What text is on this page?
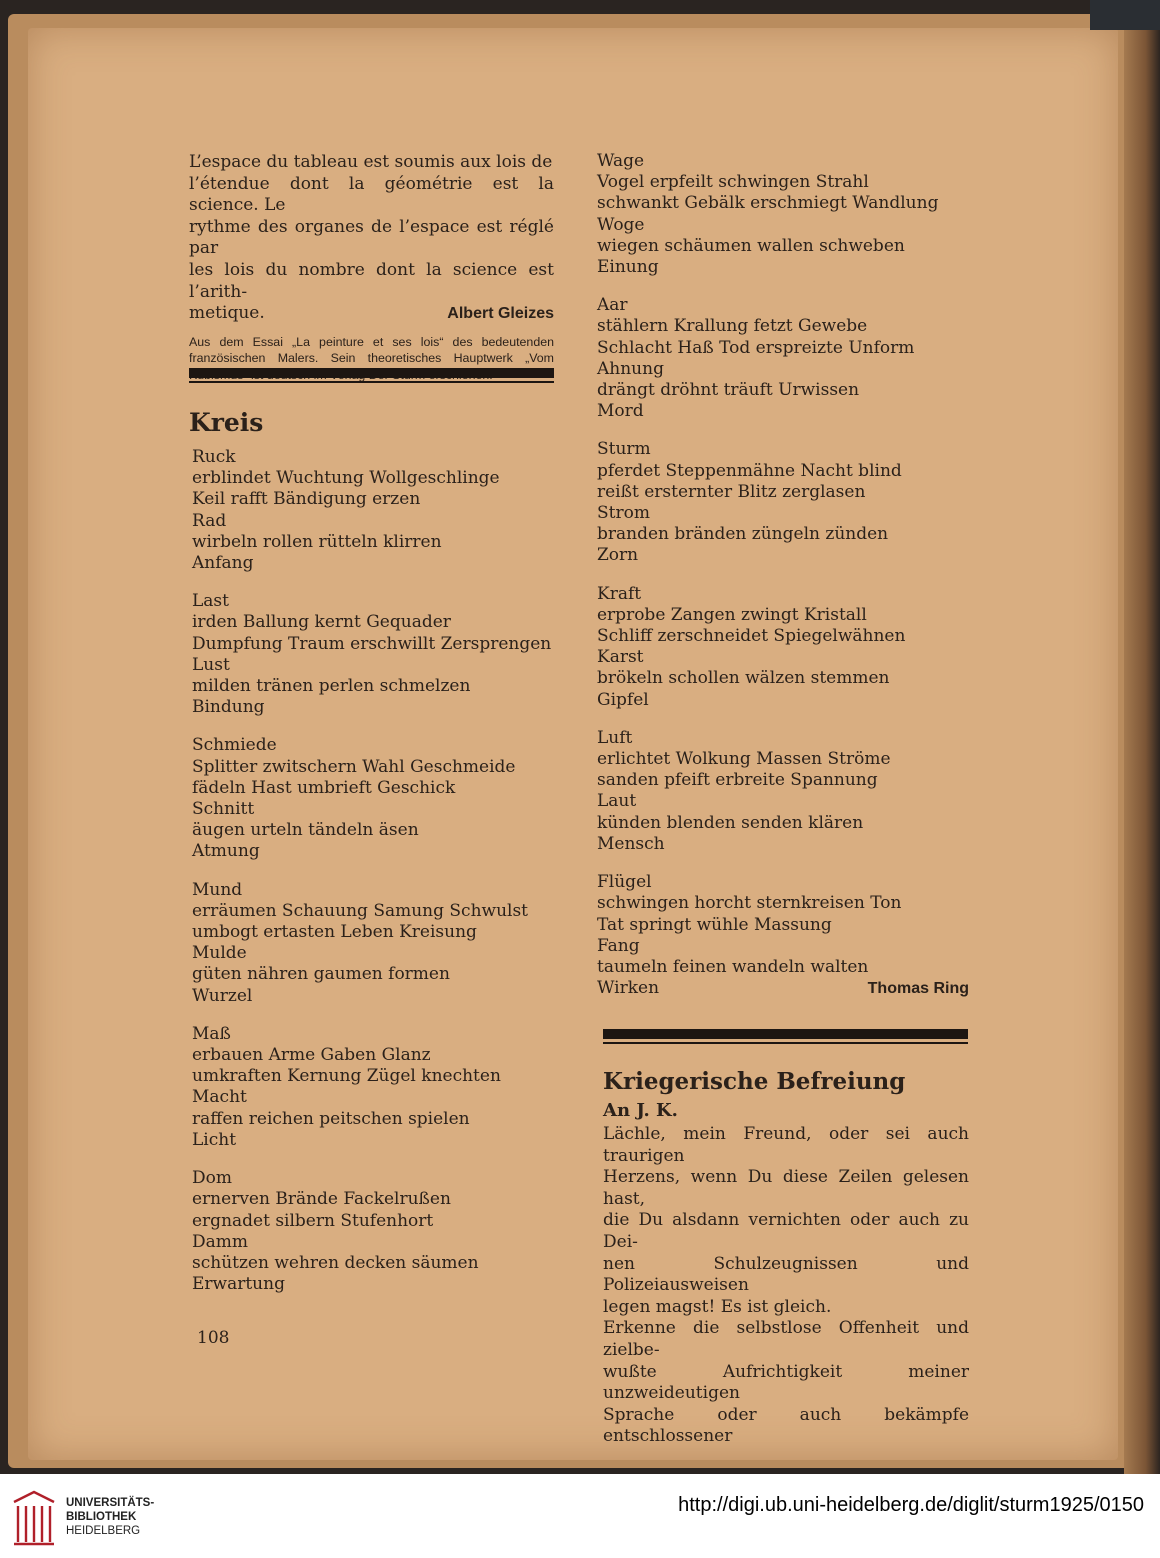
L’espace du tableau est soumis aux lois de
l’étendue dont la géométrie est la science. Le
rythme des organes de l’espace est réglé par
les lois du nombre dont la science est l’arith-
metique.	Albert Gleizes
Aus dem Essai „La peinture et ses lois“ des bedeutenden französischen Malers. Sein theoretisches Hauptwerk „Vom
Kreis
Ruck
erblindet Wuchtung Wollgeschlinge
Keil rafft Bändigung erzen
Rad
wirbeln rollen rütteln klirren
Anfang
Last
irden Ballung kernt Gequader
Dumpfung Traum erschwillt Zersprengen
Lust
milden tränen perlen schmelzen
Bindung
Schmiede
Splitter zwitschern Wahl Geschmeide
fädeln Hast umbrieft Geschick
Schnitt
äugen urteln tändeln äsen
Atmung
Mund
erräumen Schauung Samung Schwulst
umbogt ertasten Leben Kreisung
Mulde
güten nähren gaumen formen
Wurzel
Maß
erbauen Arme Gaben Glanz
umkraften Kernung Zügel knechten
Macht
raffen reichen peitschen spielen
Licht
Dom
ernerven Brände Fackelrußen
ergnadet silbern Stufenhort
Damm
schützen wehren decken säumen
Erwartung
108
Wage
Vogel erpfeilt schwingen Strahl
schwankt Gebälk erschmiegt Wandlung
Woge
wiegen schäumen wallen schweben
Einung
Aar
stählern Krallung fetzt Gewebe
Schlacht Haß Tod erspreizte Unform
Ahnung
drängt dröhnt träuft Urwissen
Mord
Sturm
pferdet Steppenmähne Nacht blind
reißt ersternter Blitz zerglasen
Strom
branden bränden züngeln zünden
Zorn
Kraft
erprobe Zangen zwingt Kristall
Schliff zerschneidet Spiegelwähnen
Karst
brökeln schollen wälzen stemmen
Gipfel
Luft
erlichtet Wolkung Massen Ströme
sanden pfeift erbreite Spannung
Laut
künden blenden senden klären
Mensch
Flügel
schwingen horcht sternkreisen Ton
Tat springt wühle Massung
Fang
taumeln feinen wandeln walten
Wirken	Thomas Ring
Kriegerische Befreiung
An J. K.
Lächle, mein Freund, oder sei auch traurigen
Herzens, wenn Du diese Zeilen gelesen hast,
die Du alsdann vernichten oder auch zu Dei-
nen Schulzeugnissen und Polizeiausweisen
legen magst! Es ist gleich.
Erkenne die selbstlose Offenheit und zielbe-
wußte Aufrichtigkeit meiner unzweideutigen
Sprache oder auch bekämpfe entschlossener
UNIVERSITÄTS-
BIBLIOTHEK
HEIDELBERG
http://digi.ub.uni-heidelberg.de/diglit/sturm1925/0150
